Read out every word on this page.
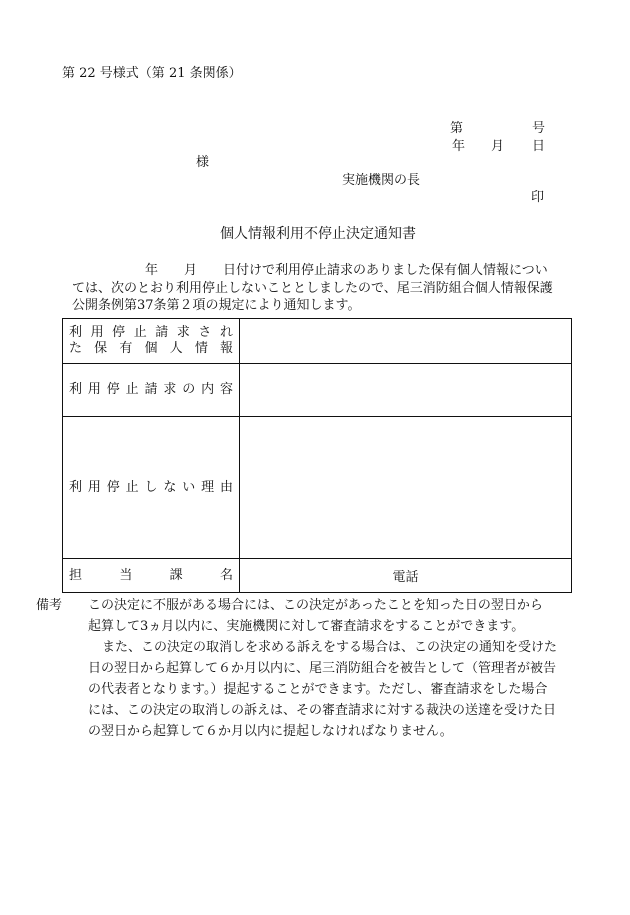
第 22 号様式（第 21 条関係）
第	号
年 月 日
様
実施機関の長
印
個人情報利用不停止決定通知書
年　　月　　日付けで利用停止請求のありました保有個人情報につい
ては、次のとおり利用停止しないこととしましたので、尾三消防組合個人情報保護
公開条例第37条第２項の規定により通知します。
利用停止請求され
た保有個人情報	

利用停止請求の内容	

利用停止しない理由	

担当課名	電話

備考 この決定に不服がある場合には、この決定があったことを知った日の翌日から

起算して3ヵ月以内に、実施機関に対して審査請求をすることができます。

また、この決定の取消しを求める訴えをする場合は、この決定の通知を受けた

日の翌日から起算して６か月以内に、尾三消防組合を被告として（管理者が被告

の代表者となります。）提起することができます。ただし、審査請求をした場合

には、この決定の取消しの訴えは、その審査請求に対する裁決の送達を受けた日

の翌日から起算して６か月以内に提起しなければなりません。
